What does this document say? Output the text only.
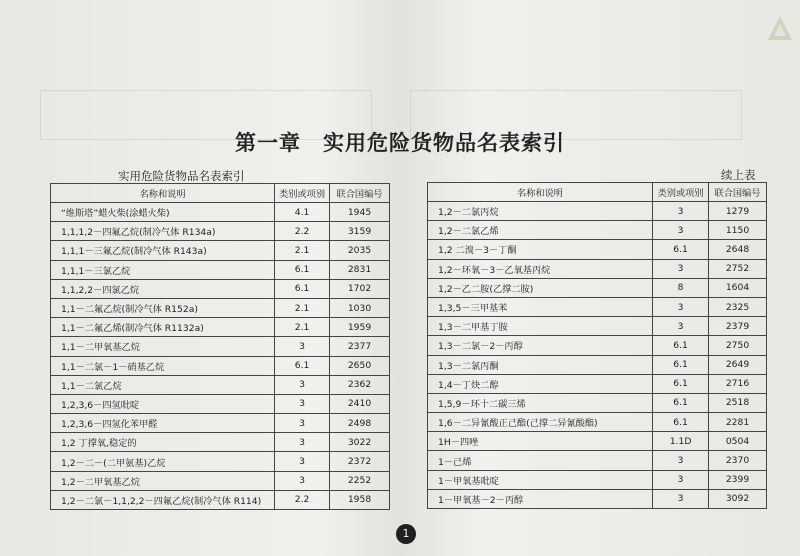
第一章　实用危险货物品名表索引
实用危险货物品名表索引	续上表
名称和说明	类别或项别	联合国编号
“维斯塔”蜡火柴(涂蜡火柴)	4.1	1945
1,1,1,2－四氟乙烷(制冷气体 R134a)	2.2	3159
1,1,1－三氟乙烷(制冷气体 R143a)	2.1	2035
1,1,1－三氯乙烷	6.1	2831
1,1,2,2－四氯乙烷	6.1	1702
1,1－二氟乙烷(制冷气体 R152a)	2.1	1030
1,1－二氟乙烯(制冷气体 R1132a)	2.1	1959
1,1－二甲氧基乙烷	3	2377
1,1－二氯－1－硝基乙烷	6.1	2650
1,1－二氯乙烷	3	2362
1,2,3,6－四氢吡啶	3	2410
1,2,3,6－四氢化苯甲醛	3	2498
1,2 丁撑氧,稳定的	3	3022
1,2－二－(二甲氨基)乙烷	3	2372
1,2－二甲氧基乙烷	3	2252
1,2－二氯－1,1,2,2－四氟乙烷(制冷气体 R114)	2.2	1958
名称和说明	类别或项别	联合国编号
1,2－二氯丙烷	3	1279
1,2－二氯乙烯	3	1150
1,2 二溴－3－丁酮	6.1	2648
1,2－环氧－3－乙氧基丙烷	3	2752
1,2－乙二胺(乙撑二胺)	8	1604
1,3,5－三甲基苯	3	2325
1,3－二甲基丁胺	3	2379
1,3－二氯－2－丙醇	6.1	2750
1,3－二氯丙酮	6.1	2649
1,4－丁炔二醇	6.1	2716
1,5,9－环十二碳三烯	6.1	2518
1,6－二异氰酸正己酯(己撑二异氰酸酯)	6.1	2281
1H－四唑	1.1D	0504
1－己烯	3	2370
1－甲氧基吡啶	3	2399
1－甲氧基－2－丙醇	3	3092
1
